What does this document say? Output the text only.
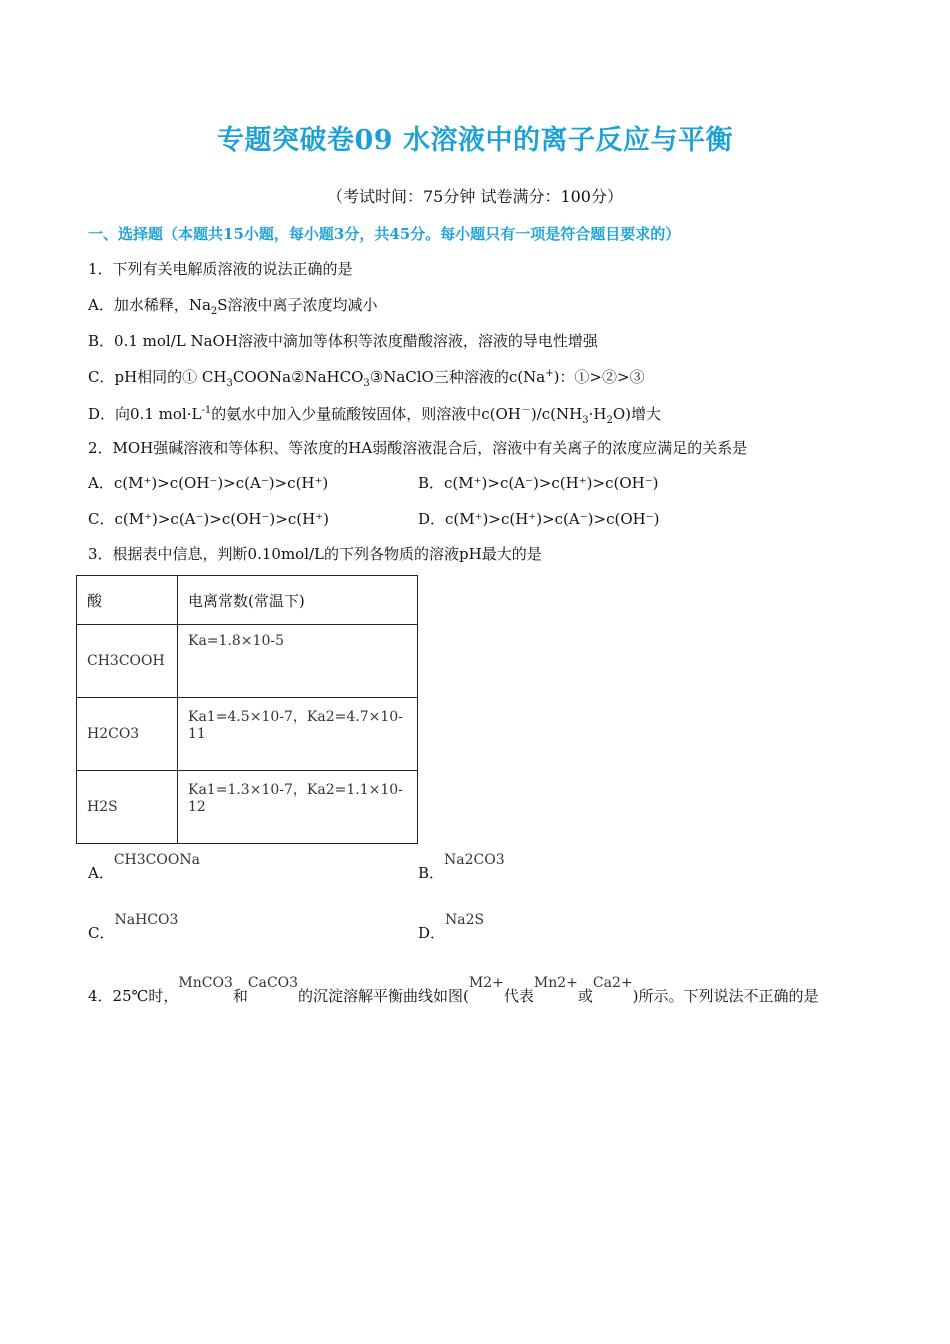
专题突破卷09 水溶液中的离子反应与平衡
（考试时间：75分钟 试卷满分：100分）
一、选择题（本题共15小题，每小题3分，共45分。每小题只有一项是符合题目要求的）
1．下列有关电解质溶液的说法正确的是
A．加水稀释，$Na_2S$溶液中离子浓度均减小
B．0.1 mol/L NaOH溶液中滴加等体积等浓度醋酸溶液，溶液的导电性增强
C．pH相同的① $CH_3COONa②NaHCO_3③NaClO$三种溶液的c(Na+)：①>②>③
D．向0.1 $mol\cdot L^{-1}$的氨水中加入少量硫酸铵固体，则溶液中$c(OH^-)/c(NH_3\cdot H_2O)$增大
2．MOH强碱溶液和等体积、等浓度的HA弱酸溶液混合后，溶液中有关离子的浓度应满足的关系是
A．c(M⁺)>c(OH⁻)>c(A⁻)>c(H⁺)	B．c(M⁺)>c(A⁻)>c(H⁺)>c(OH⁻)
C．c(M⁺)>c(A⁻)>c(OH⁻)>c(H⁺)	D．c(M⁺)>c(H⁺)>c(A⁻)>c(OH⁻)
3．根据表中信息，判断0.10mol/L的下列各物质的溶液pH最大的是
酸	电离常数(常温下)
CH3COOH	Ka=1.8×10-5
H2CO3	Ka1=4.5×10-7，Ka2=4.7×10-11
H2S	Ka1=1.3×10-7，Ka2=1.1×10-12
A．CH3COONa
B．Na2CO3
C．NaHCO3
D．Na2S
4．25℃时，MnCO3和CaCO3的沉淀溶解平衡曲线如图(M2+代表Mn2+或Ca2+)所示。下列说法不正确的是
